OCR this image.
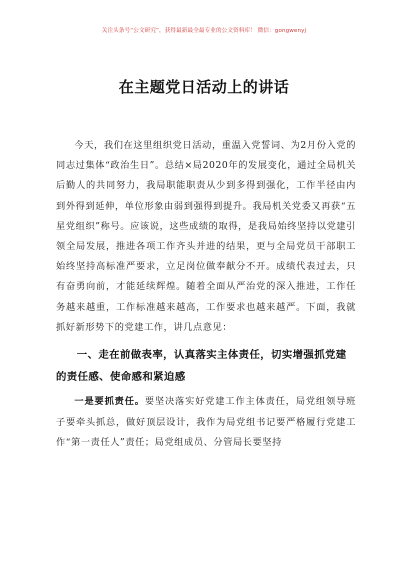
关注头条号“公文研究”，获得最新最全最专业的公文资料库！ 微信：gongwenyj
在主题党日活动上的讲话

今天，我们在这里组织党日活动，重温入党誓词、为2月份入党的同志过集体“政治生日”。总结×局2020年的发展变化，通过全局机关后勤人的共同努力，我局职能职责从少到多得到强化，工作半径由内到外得到延伸，单位形象由弱到强得到提升。我局机关党委又再获“五星党组织”称号。应该说，这些成绩的取得，是我局始终坚持以党建引领全局发展，推进各项工作齐头并进的结果，更与全局党员干部职工始终坚持高标准严要求，立足岗位做奉献分不开。成绩代表过去，只有奋勇向前，才能延续辉煌。随着全面从严治党的深入推进，工作任务越来越重，工作标准越来越高，工作要求也越来越严。下面，我就抓好新形势下的党建工作，讲几点意见：

一、走在前做表率，认真落实主体责任，切实增强抓党建的责任感、使命感和紧迫感

一是要抓责任。要坚决落实好党建工作主体责任，局党组领导班子要牵头抓总，做好顶层设计，我作为局党组书记要严格履行党建工作“第一责任人”责任；局党组成员、分管局长要坚持
